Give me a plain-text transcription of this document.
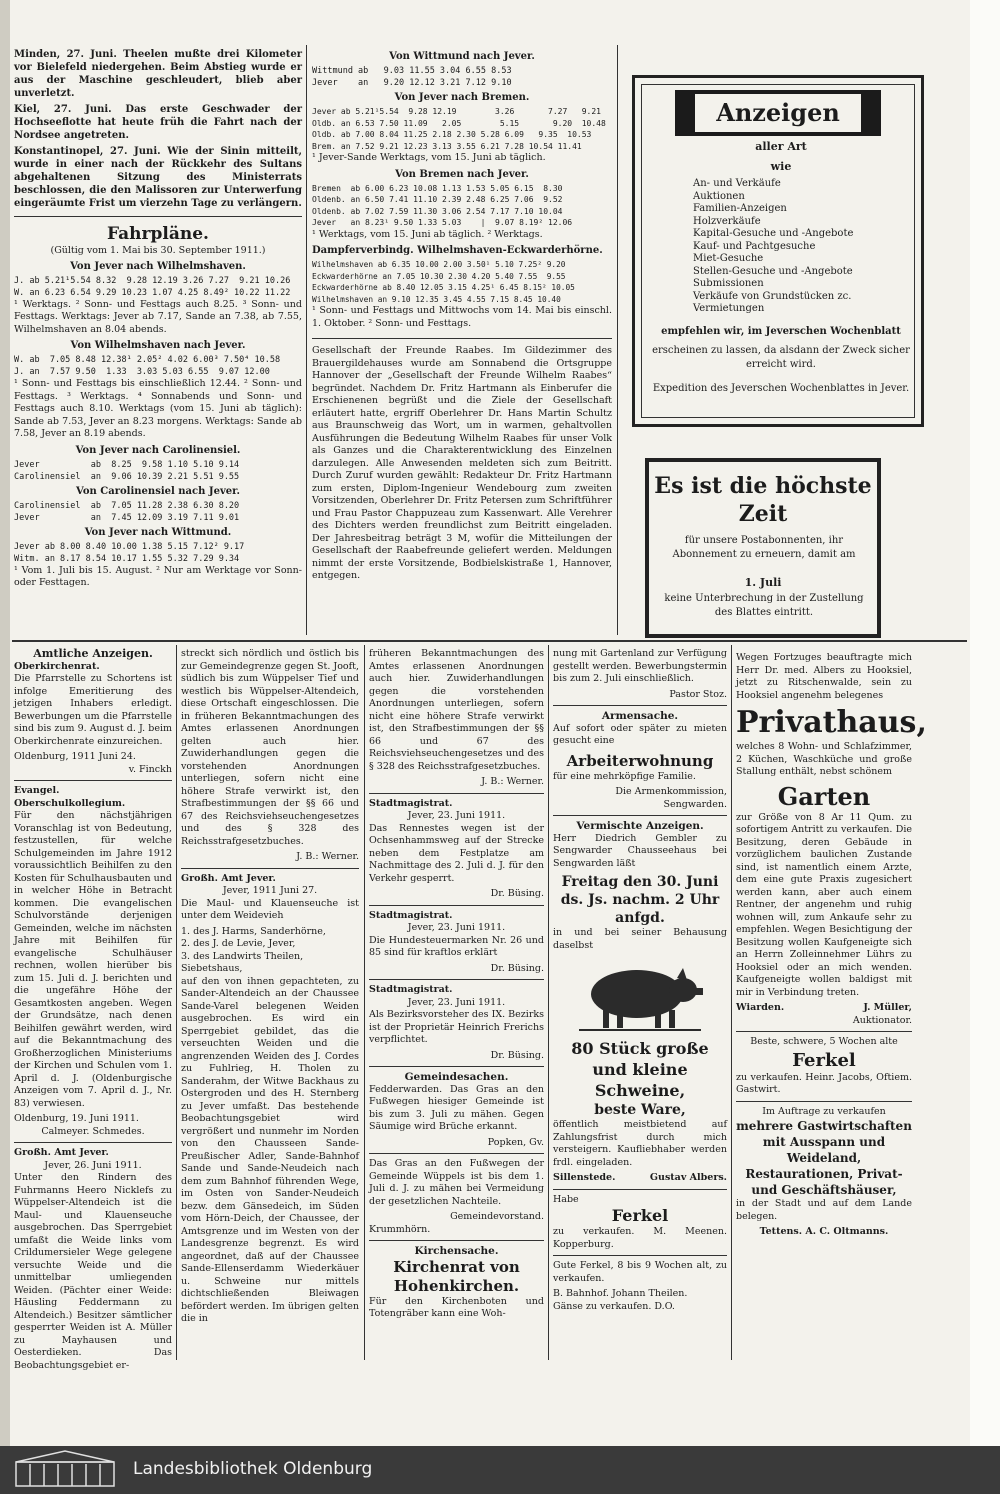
Minden, 27. Juni. Theelen mußte drei Kilometer vor Bielefeld niedergehen. Beim Abstieg wurde er aus der Maschine geschleudert, blieb aber unverletzt.

Kiel, 27. Juni. Das erste Geschwader der Hochseeflotte hat heute früh die Fahrt nach der Nordsee angetreten.

Konstantinopel, 27. Juni. Wie der Sinin mitteilt, wurde in einer nach der Rückkehr des Sultans abgehaltenen Sitzung des Ministerrats beschlossen, die den Malissoren zur Unterwerfung eingeräumte Frist um vierzehn Tage zu verlängern.

Fahrpläne.
(Gültig vom 1. Mai bis 30. September 1911.)
Von Jever nach Wilhelmshaven.
J. ab 5.21¹5.54 8.32  9.28 12.19 3.26 7.27  9.21 10.26
W. an 6.23 6.54 9.29 10.23 1.07 4.25 8.49² 10.22 11.22

¹ Werktags. ² Sonn- und Festtags auch 8.25. ³ Sonn- und Festtags. Werktags: Jever ab 7.17, Sande an 7.38, ab 7.55, Wilhelmshaven an 8.04 abends.

Von Wilhelmshaven nach Jever.
W. ab  7.05 8.48 12.38¹ 2.05² 4.02 6.00³ 7.50⁴ 10.58
J. an  7.57 9.50  1.33  3.03 5.03 6.55  9.07 12.00

¹ Sonn- und Festtags bis einschließlich 12.44. ² Sonn- und Festtags. ³ Werktags. ⁴ Sonnabends und Sonn- und Festtags auch 8.10. Werktags (vom 15. Juni ab täglich): Sande ab 7.53, Jever an 8.23 morgens. Werktags: Sande ab 7.58, Jever an 8.19 abends.

Von Jever nach Carolinensiel.
Jever          ab  8.25  9.58 1.10 5.10 9.14
Carolinensiel  an  9.06 10.39 2.21 5.51 9.55
Von Carolinensiel nach Jever.
Carolinensiel  ab  7.05 11.28 2.38 6.30 8.20
Jever          an  7.45 12.09 3.19 7.11 9.01
Von Jever nach Wittmund.
Jever ab 8.00 8.40 10.00 1.38 5.15 7.12² 9.17
Witm. an 8.17 8.54 10.17 1.55 5.32 7.29 9.34

¹ Vom 1. Juli bis 15. August. ² Nur am Werktage vor Sonn- oder Festtagen.

Von Wittmund nach Jever.
Wittmund ab   9.03 11.55 3.04 6.55 8.53
Jever    an   9.20 12.12 3.21 7.12 9.10
Von Jever nach Bremen.
Jever ab 5.21¹5.54  9.28 12.19        3.26       7.27   9.21
Oldb. an 6.53 7.50 11.09   2.05        5.15       9.20  10.48
Oldb. ab 7.00 8.04 11.25 2.18 2.30 5.28 6.09   9.35  10.53
Brem. an 7.52 9.21 12.23 3.13 3.55 6.21 7.28 10.54 11.41

¹ Jever-Sande Werktags, vom 15. Juni ab täglich.

Von Bremen nach Jever.
Bremen  ab 6.00 6.23 10.08 1.13 1.53 5.05 6.15  8.30
Oldenb. an 6.50 7.41 11.10 2.39 2.48 6.25 7.06  9.52
Oldenb. ab 7.02 7.59 11.30 3.06 2.54 7.17 7.10 10.04
Jever   an 8.23¹ 9.50 1.33 5.03    |  9.07 8.19² 12.06

¹ Werktags, vom 15. Juni ab täglich. ² Werktags.

Dampferverbindg. Wilhelmshaven-Eckwarderhörne.
Wilhelmshaven ab 6.35 10.00 2.00 3.50¹ 5.10 7.25² 9.20
Eckwarderhörne an 7.05 10.30 2.30 4.20 5.40 7.55  9.55
Eckwarderhörne ab 8.40 12.05 3.15 4.25¹ 6.45 8.15² 10.05
Wilhelmshaven an 9.10 12.35 3.45 4.55 7.15 8.45 10.40

¹ Sonn- und Festtags und Mittwochs vom 14. Mai bis einschl. 1. Oktober. ² Sonn- und Festtags.

Gesellschaft der Freunde Raabes. Im Gildezimmer des Brauergildehauses wurde am Sonnabend die Ortsgruppe Hannover der „Gesellschaft der Freunde Wilhelm Raabes“ begründet. Nachdem Dr. Fritz Hartmann als Einberufer die Erschienenen begrüßt und die Ziele der Gesellschaft erläutert hatte, ergriff Oberlehrer Dr. Hans Martin Schultz aus Braunschweig das Wort, um in warmen, gehaltvollen Ausführungen die Bedeutung Wilhelm Raabes für unser Volk als Ganzes und die Charakterentwicklung des Einzelnen darzulegen. Alle Anwesenden meldeten sich zum Beitritt. Durch Zuruf wurden gewählt: Redakteur Dr. Fritz Hartmann zum ersten, Diplom-Ingenieur Wendebourg zum zweiten Vorsitzenden, Oberlehrer Dr. Fritz Petersen zum Schriftführer und Frau Pastor Chappuzeau zum Kassenwart. Alle Verehrer des Dichters werden freundlichst zum Beitritt eingeladen. Der Jahresbeitrag beträgt 3 M, wofür die Mitteilungen der Gesellschaft der Raabefreunde geliefert werden. Meldungen nimmt der erste Vorsitzende, Bodbielskistraße 1, Hannover, entgegen.

Anzeigen
aller Art
wie
An- und Verkäufe
Auktionen
Familien-Anzeigen
Holzverkäufe
Kapital-Gesuche und -Angebote
Kauf- und Pachtgesuche
Miet-Gesuche
Stellen-Gesuche und -Angebote
Submissionen
Verkäufe von Grundstücken zc.
Vermietungen
empfehlen wir, im Jeverschen Wochenblatt
erscheinen zu lassen, da alsdann der Zweck sicher erreicht wird.
Expedition des Jeverschen Wochenblattes in Jever.
Es ist die höchste Zeit
für unsere Postabonnenten, ihr Abonnement zu erneuern, damit am
1. Juli
keine Unterbrechung in der Zustellung des Blattes eintritt.
Amtliche Anzeigen.
Oberkirchenrat.

Die Pfarrstelle zu Schortens ist infolge Emeritierung des jetzigen Inhabers erledigt. Bewerbungen um die Pfarrstelle sind bis zum 9. August d. J. beim Oberkirchenrate einzureichen.

Oldenburg, 1911 Juni 24.
v. Finckh
Evangel. Oberschulkollegium.

Für den nächstjährigen Voranschlag ist von Bedeutung, festzustellen, für welche Schulgemeinden im Jahre 1912 voraussichtlich Beihilfen zu den Kosten für Schulhausbauten und in welcher Höhe in Betracht kommen. Die evangelischen Schulvorstände derjenigen Gemeinden, welche im nächsten Jahre mit Beihilfen für evangelische Schulhäuser rechnen, wollen hierüber bis zum 15. Juli d. J. berichten und die ungefähre Höhe der Gesamtkosten angeben. Wegen der Grundsätze, nach denen Beihilfen gewährt werden, wird auf die Bekanntmachung des Großherzoglichen Ministeriums der Kirchen und Schulen vom 1. April d. J. (Oldenburgische Anzeigen vom 7. April d. J., Nr. 83) verwiesen.

Oldenburg, 19. Juni 1911.
Calmeyer. Schmedes.
Großh. Amt Jever.
Jever, 26. Juni 1911.

Unter den Rindern des Fuhrmanns Heero Nicklefs zu Wüppelser-Altendeich ist die Maul- und Klauenseuche ausgebrochen. Das Sperrgebiet umfaßt die Weide links vom Crildumersieler Wege gelegene versuchte Weide und die unmittelbar umliegenden Weiden. (Pächter einer Weide: Häusling Feddermann zu Altendeich.) Besitzer sämtlicher gesperrter Weiden ist A. Müller zu Mayhausen und Oesterdieken. Das Beobachtungsgebiet er-

streckt sich nördlich und östlich bis zur Gemeindegrenze gegen St. Jooft, südlich bis zum Wüppelser Tief und westlich bis Wüppelser-Altendeich, diese Ortschaft eingeschlossen. Die in früheren Bekanntmachungen des Amtes erlassenen Anordnungen gelten auch hier. Zuwiderhandlungen gegen die vorstehenden Anordnungen unterliegen, sofern nicht eine höhere Strafe verwirkt ist, den Strafbestimmungen der §§ 66 und 67 des Reichsviehseuchengesetzes und des § 328 des Reichsstrafgesetzbuches.

J. B.: Werner.
Großh. Amt Jever.
Jever, 1911 Juni 27.

Die Maul- und Klauenseuche ist unter dem Weidevieh

1. des J. Harms, Sanderhörne,
2. des J. de Levie, Jever,
3. des Landwirts Theilen, Siebetshaus,

auf den von ihnen gepachteten, zu Sander-Altendeich an der Chaussee Sande-Varel belegenen Weiden ausgebrochen. Es wird ein Sperrgebiet gebildet, das die verseuchten Weiden und die angrenzenden Weiden des J. Cordes zu Fuhlrieg, H. Tholen zu Sanderahm, der Witwe Backhaus zu Ostergroden und des H. Sternberg zu Jever umfaßt. Das bestehende Beobachtungsgebiet wird vergrößert und nunmehr im Norden von den Chausseen Sande-Preußischer Adler, Sande-Bahnhof Sande und Sande-Neudeich nach dem zum Bahnhof führenden Wege, im Osten von Sander-Neudeich bezw. dem Gänsedeich, im Süden vom Hörn-Deich, der Chaussee, der Amtsgrenze und im Westen von der Landesgrenze begrenzt. Es wird angeordnet, daß auf der Chaussee Sande-Ellenserdamm Wiederkäuer u. Schweine nur mittels dichtschließenden Bleiwagen befördert werden. Im übrigen gelten die in

früheren Bekanntmachungen des Amtes erlassenen Anordnungen auch hier. Zuwiderhandlungen gegen die vorstehenden Anordnungen unterliegen, sofern nicht eine höhere Strafe verwirkt ist, den Strafbestimmungen der §§ 66 und 67 des Reichsviehseuchengesetzes und des § 328 des Reichsstrafgesetzbuches.

J. B.: Werner.
Stadtmagistrat.
Jever, 23. Juni 1911.

Das Rennestes wegen ist der Ochsenhammsweg auf der Strecke neben dem Festplatze am Nachmittage des 2. Juli d. J. für den Verkehr gesperrt.

Dr. Büsing.
Stadtmagistrat.
Jever, 23. Juni 1911.

Die Hundesteuermarken Nr. 26 und 85 sind für kraftlos erklärt

Dr. Büsing.
Stadtmagistrat.
Jever, 23. Juni 1911.

Als Bezirksvorsteher des IX. Bezirks ist der Proprietär Heinrich Frerichs verpflichtet.

Dr. Büsing.
Gemeindesachen.

Fedderwarden. Das Gras an den Fußwegen hiesiger Gemeinde ist bis zum 3. Juli zu mähen. Gegen Säumige wird Brüche erkannt.

Popken, Gv.

Das Gras an den Fußwegen der Gemeinde Wüppels ist bis dem 1. Juli d. J. zu mähen bei Vermeidung der gesetzlichen Nachteile.

Gemeindevorstand.
Krummhörn.
Kirchensache.
Kirchenrat von Hohenkirchen.

Für den Kirchenboten und Totengräber kann eine Woh-

nung mit Gartenland zur Verfügung gestellt werden. Bewerbungstermin bis zum 2. Juli einschließlich.

Pastor Stoz.
Armensache.

Auf sofort oder später zu mieten gesucht eine

Arbeiterwohnung

für eine mehrköpfige Familie.

Die Armenkommission, Sengwarden.
Vermischte Anzeigen.

Herr Diedrich Gembler zu Sengwarder Chausseehaus bei Sengwarden läßt

Freitag den 30. Juni ds. Js. nachm. 2 Uhr anfgd.

in und bei seiner Behausung daselbst

80 Stück große und kleine Schweine,
beste Ware,

öffentlich meistbietend auf Zahlungsfrist durch mich versteigern. Kaufliebhaber werden frdl. eingeladen.

Sillenstede.	Gustav Albers.
Habe
Ferkel

zu verkaufen. M. Meenen. Kopperburg.

Gute Ferkel, 8 bis 9 Wochen alt, zu verkaufen.

B. Bahnhof. Johann Theilen.
Gänse zu verkaufen. D.O.

Wegen Fortzuges beauftragte mich Herr Dr. med. Albers zu Hooksiel, jetzt zu Ritschenwalde, sein zu Hooksiel angenehm belegenes

Privathaus,

welches 8 Wohn- und Schlafzimmer, 2 Küchen, Waschküche und große Stallung enthält, nebst schönem

Garten

zur Größe von 8 Ar 11 Qum. zu sofortigem Antritt zu verkaufen. Die Besitzung, deren Gebäude in vorzüglichem baulichen Zustande sind, ist namentlich einem Arzte, dem eine gute Praxis zugesichert werden kann, aber auch einem Rentner, der angenehm und ruhig wohnen will, zum Ankaufe sehr zu empfehlen. Wegen Besichtigung der Besitzung wollen Kaufgeneigte sich an Herrn Zolleinnehmer Lührs zu Hooksiel oder an mich wenden. Kaufgeneigte wollen baldigst mit mir in Verbindung treten.

Wiarden.	J. Müller,
Auktionator.
Beste, schwere, 5 Wochen alte
Ferkel

zu verkaufen. Heinr. Jacobs, Oftiem. Gastwirt.

Im Auftrage zu verkaufen
mehrere Gastwirtschaften mit Ausspann und Weideland, Restaurationen, Privat- und Geschäftshäuser,

in der Stadt und auf dem Lande belegen.

Tettens. A. C. Oltmanns.
Landesbibliothek Oldenburg
